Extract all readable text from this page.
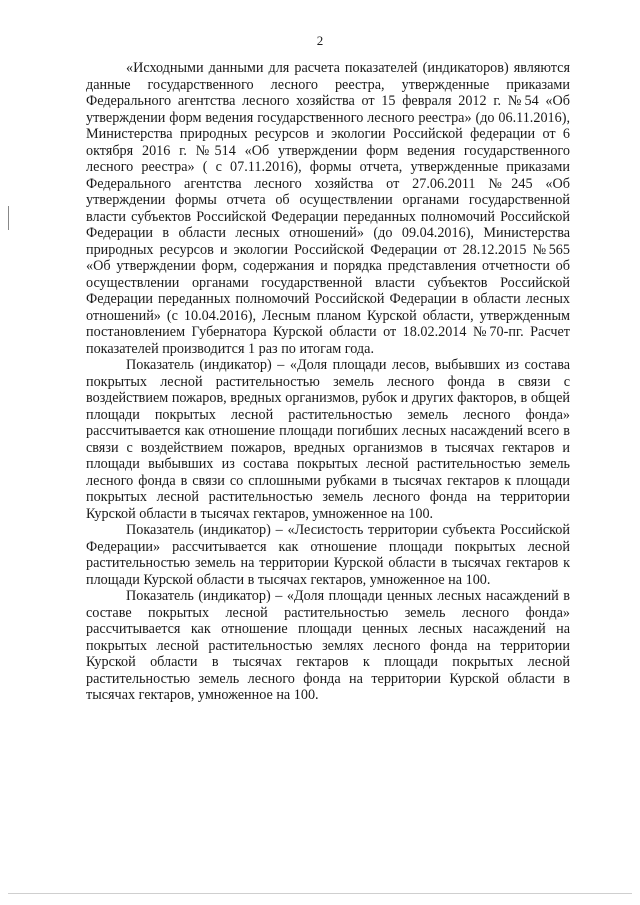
2

«Исходными данными для расчета показателей (индикаторов) являются данные государственного лесного реестра, утвержденные приказами Федерального агентства лесного хозяйства от 15 февраля 2012 г. №54 «Об утверждении форм ведения государственного лесного реестра» (до 06.11.2016), Министерства природных ресурсов и экологии Российской федерации от 6 октября 2016 г. №514 «Об утверждении форм ведения государственного лесного реестра» ( с 07.11.2016), формы отчета, утвержденные приказами Федерального агентства лесного хозяйства от 27.06.2011 №245 «Об утверждении формы отчета об осуществлении органами государственной власти субъектов Российской Федерации переданных полномочий Российской Федерации в области лесных отношений» (до 09.04.2016), Министерства природных ресурсов и экологии Российской Федерации от 28.12.2015 №565 «Об утверждении форм, содержания и порядка представления отчетности об осуществлении органами государственной власти субъектов Российской Федерации переданных полномочий Российской Федерации в области лесных отношений» (с 10.04.2016), Лесным планом Курской области, утвержденным постановлением Губернатора Курской области от 18.02.2014 №70-пг. Расчет показателей производится 1 раз по итогам года.

Показатель (индикатор) – «Доля площади лесов, выбывших из состава покрытых лесной растительностью земель лесного фонда в связи с воздействием пожаров, вредных организмов, рубок и других факторов, в общей площади покрытых лесной растительностью земель лесного фонда» рассчитывается как отношение площади погибших лесных насаждений всего в связи с воздействием пожаров, вредных организмов в тысячах гектаров и площади выбывших из состава покрытых лесной растительностью земель лесного фонда в связи со сплошными рубками в тысячах гектаров к площади покрытых лесной растительностью земель лесного фонда на территории Курской области в тысячах гектаров, умноженное на 100.

Показатель (индикатор) – «Лесистость территории субъекта Российской Федерации» рассчитывается как отношение площади покрытых лесной растительностью земель на территории Курской области в тысячах гектаров к площади Курской области в тысячах гектаров, умноженное на 100.

Показатель (индикатор) – «Доля площади ценных лесных насаждений в составе покрытых лесной растительностью земель лесного фонда» рассчитывается как отношение площади ценных лесных насаждений на покрытых лесной растительностью землях лесного фонда на территории Курской области в тысячах гектаров к площади покрытых лесной растительностью земель лесного фонда на территории Курской области в тысячах гектаров, умноженное на 100.
